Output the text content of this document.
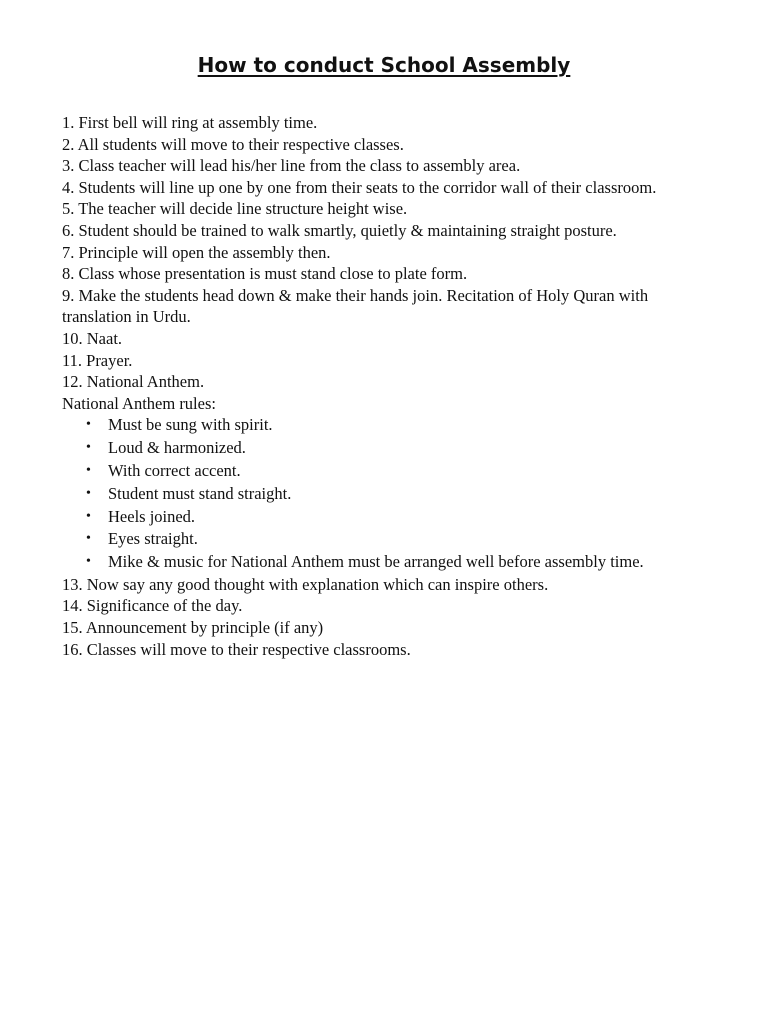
How to conduct School Assembly

1. First bell will ring at assembly time.

2. All students will move to their respective classes.

3. Class teacher will lead his/her line from the class to assembly area.

4. Students will line up one by one from their seats to the corridor wall of their classroom.

5. The teacher will decide line structure height wise.

6. Student should be trained to walk smartly, quietly & maintaining straight posture.

7. Principle will open the assembly then.

8. Class whose presentation is must stand close to plate form.

9. Make the students head down & make their hands join. Recitation of Holy Quran with translation in Urdu.

10. Naat.

11. Prayer.

12. National Anthem.

National Anthem rules:

• Must be sung with spirit.
• Loud & harmonized.
• With correct accent.
• Student must stand straight.
• Heels joined.
• Eyes straight.
• Mike & music for National Anthem must be arranged well before assembly time.

13. Now say any good thought with explanation which can inspire others.

14. Significance of the day.

15. Announcement by principle (if any)

16. Classes will move to their respective classrooms.
